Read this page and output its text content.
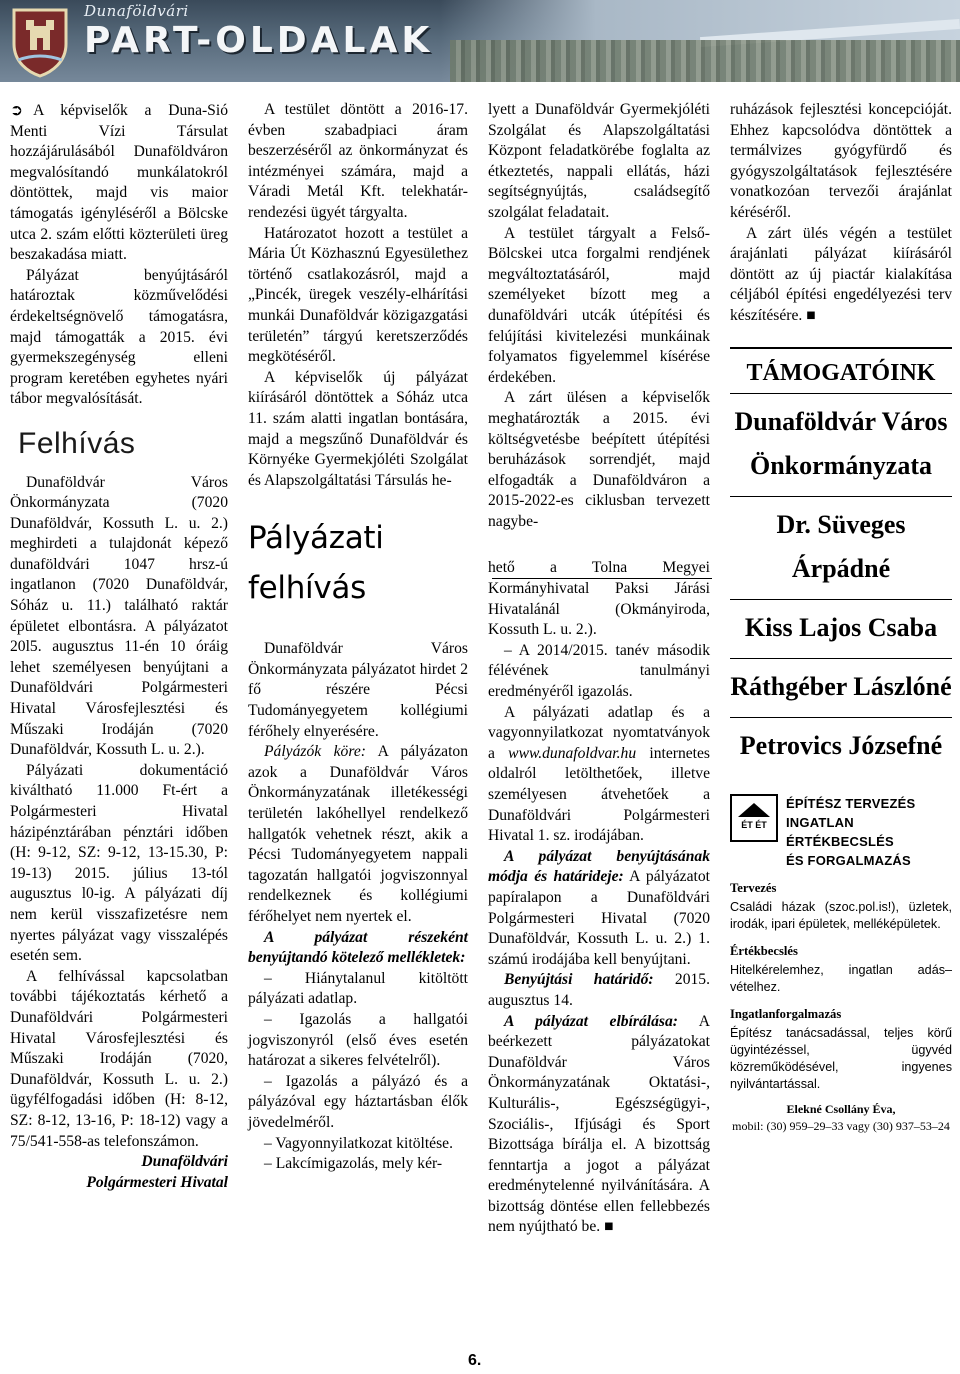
Dunaföldvári
PART-OLDALAK

➲ A képviselők a Duna-Sió Menti Vízi Társulat hozzájárulásából Dunaföldváron megvalósítandó munkálatokról döntöttek, majd vis maior támogatás igényléséről a Bölcske utca 2. szám előtti közterületi üreg beszakadása miatt.

Pályázat benyújtásáról határoztak közművelődési érdekeltségnövelő támogatásra, majd támogatták a 2015. évi gyermekszegénység elleni program keretében egyhetes nyári tábor megvalósítását.

Felhívás

Dunaföldvár Város Önkormányzata (7020 Dunaföldvár, Kossuth L. u. 2.) meghirdeti a tulajdonát képező dunaföldvári 1047 hrsz-ú ingatlanon (7020 Dunaföldvár, Sóház u. 11.) található raktár épületet elbontásra. A pályázatot 20l5. augusztus 11-én 10 óráig lehet személyesen benyújtani a Dunaföldvári Polgármesteri Hivatal Városfejlesztési és Műszaki Irodáján (7020 Dunaföldvár, Kossuth L. u. 2.).

Pályázati dokumentáció kiváltható 11.000 Ft-ért a Polgármesteri Hivatal házipénztárában pénztári időben (H: 9-12, SZ: 9-12, 13-15.30, P: 19-13) 2015. július 13-tól augusztus l0-ig. A pályázati díj nem kerül visszafizetésre nem nyertes pályázat vagy visszalépés esetén sem.

A felhívással kapcsolatban további tájékoztatás kérhető a Dunaföldvári Polgármesteri Hivatal Városfejlesztési és Műszaki Irodáján (7020, Dunaföldvár, Kossuth L. u. 2.) ügyfélfogadási időben (H: 8-12, SZ: 8-12, 13-16, P: 18-12) vagy a 75/541-558-as telefonszámon.

Dunaföldvári
Polgármesteri Hivatal

A testület döntött a 2016-17. évben szabadpiaci áram beszerzéséről az önkormányzat és intézményei számára, majd a Váradi Metál Kft. telekhatár-rendezési ügyét tárgyalta.

Határozatot hozott a testület a Mária Út Közhasznú Egyesülethez történő csatlakozásról, majd a „Pincék, üregek veszély-elhárítási munkái Dunaföldvár közigazgatási területén” tárgyú keretszerződés megkötéséről.

A képviselők új pályázat kiírásáról döntöttek a Sóház utca 11. szám alatti ingatlan bontására, majd a megszűnő Dunaföldvár és Környéke Gyermekjóléti Szolgálat és Alapszolgáltatási Társulás he-

Pályázati
felhívás

Dunaföldvár Város Önkormányzata pályázatot hirdet 2 fő részére Pécsi Tudományegyetem kollégiumi férőhely elnyerésére.

Pályázók köre: A pályázaton azok a Dunaföldvár Város Önkormányzatának illetékességi területén lakóhellyel rendelkező hallgatók vehetnek részt, akik a Pécsi Tudományegyetem nappali tagozatán hallgatói jogviszonnyal rendelkeznek és kollégiumi férőhelyet nem nyertek el.

A pályázat részeként benyújtandó kötelező mellékletek:

– Hiánytalanul kitöltött pályázati adatlap.

– Igazolás a hallgatói jogviszonyról (első éves esetén határozat a sikeres felvételről).

– Igazolás a pályázó és a pályázóval egy háztartásban élők jövedelméről.

– Vagyonnyilatkozat kitöltése.

– Lakcímigazolás, mely kér-

lyett a Dunaföldvár Gyermekjóléti Szolgálat és Alapszolgáltatási Központ feladatkörébe foglalta az étkeztetés, nappali ellátás, házi segítségnyújtás, családsegítő szolgálat feladatait.

A testület tárgyalt a Felső-Bölcskei utca forgalmi rendjének megváltoztatásáról, majd személyeket bízott meg a dunaföldvári utcák útépítési és felújítási kivitelezési munkáinak folyamatos figyelemmel kísérése érdekében.

A zárt ülésen a képviselők meghatározták a 2015. évi költségvetésbe beépített útépítési beruházások sorrendjét, majd elfogadták a Dunaföldváron a 2015-2022-es ciklusban tervezett nagybe-

hető a Tolna Megyei Kormányhivatal Paksi Járási Hivatalánál (Okmányiroda, Kossuth L. u. 2.).

– A 2014/2015. tanév második félévének tanulmányi eredményéről igazolás.

A pályázati adatlap és a vagyonnyilatkozat nyomtatványok a www.dunafoldvar.hu internetes oldalról letölthetőek, illetve személyesen átvehetőek a Dunaföldvári Polgármesteri Hivatal 1. sz. irodájában.

A pályázat benyújtásának módja és határideje: A pályázatot papíralapon a Dunaföldvári Polgármesteri Hivatal (7020 Dunaföldvár, Kossuth L. u. 2.) 1. számú irodájába kell benyújtani.

Benyújtási határidő: 2015. augusztus 14.

A pályázat elbírálása: A beérkezett pályázatokat Dunaföldvár Város Önkormányzatának Oktatási-, Kulturális-, Egészségügyi-, Szociális-, Ifjúsági és Sport Bizottsága bírálja el. A bizottság fenntartja a jogot a pályázat eredménytelenné nyilvánítására. A bizottság döntése ellen fellebbezés nem nyújtható be. ■

ruházások fejlesztési koncepcióját. Ehhez kapcsolódva döntöttek a termálvizes gyógyfürdő és gyógyszolgáltatások fejlesztésére vonatkozóan tervezői árajánlat kéréséről.

A zárt ülés végén a testület árajánlati pályázat kiírásáról döntött az új piactár kialakítása céljából építési engedélyezési terv készítésére. ■

TÁMOGATÓINK
Dunaföldvár Város Önkormányzata
Dr. Süveges Árpádné
Kiss Lajos Csaba
Ráthgéber Lászlóné
Petrovics Józsefné
ÉT ÉT
ÉPÍTÉSZ TERVEZÉS
INGATLAN ÉRTÉKBECSLÉS
ÉS FORGALMAZÁS
Tervezés

Családi házak (szoc.pol.is!), üzletek, irodák, ipari épületek, melléképületek.

Értékbecslés

Hitelkérelemhez, ingatlan adás–vételhez.

Ingatlanforgalmazás

Építész tanácsadással, teljes körű ügyintézéssel, ügyvéd közreműködésével, ingyenes nyilvántartással.

Elekné Csollány Éva,
mobil: (30) 959–29–33 vagy (30) 937–53–24
6.
